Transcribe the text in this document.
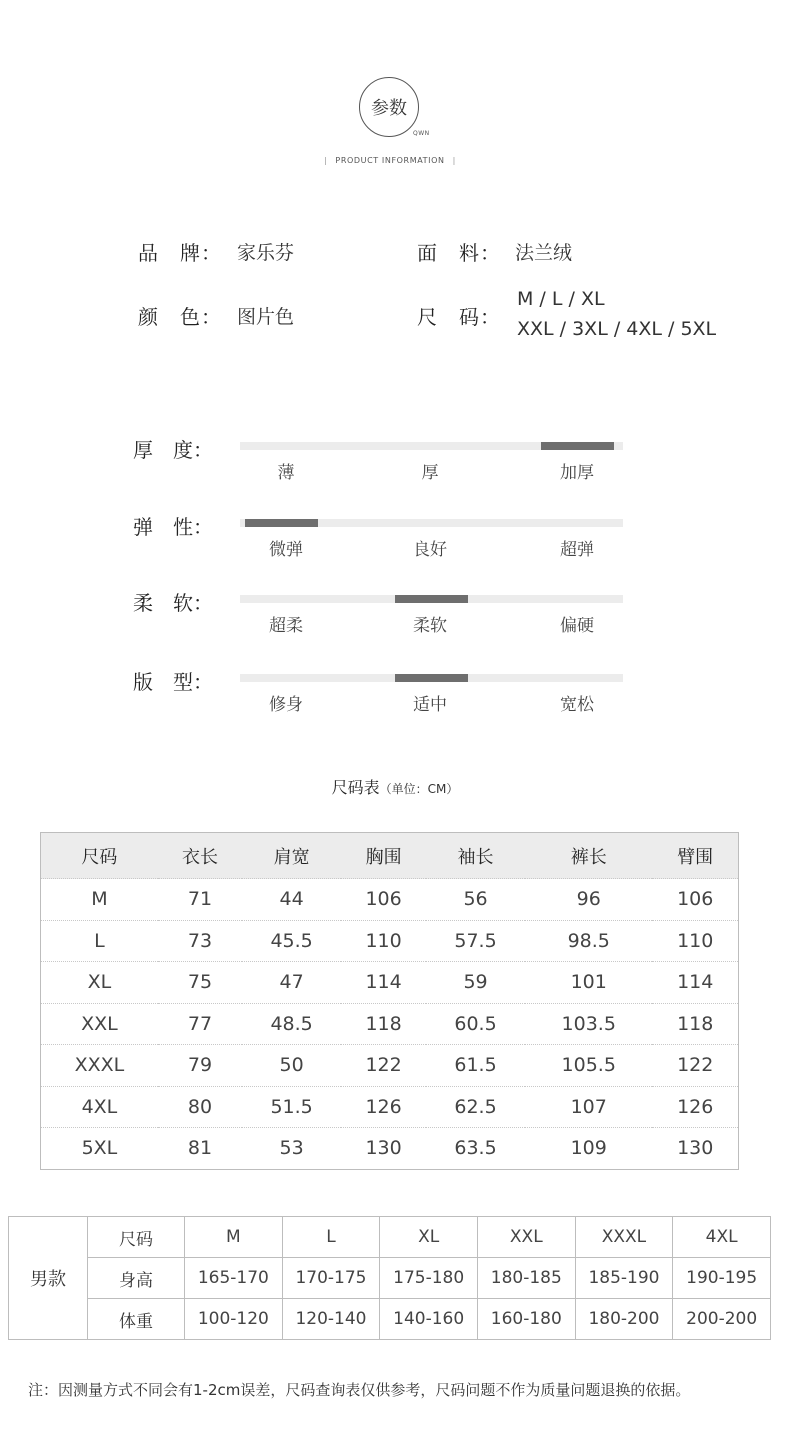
参数
QWN
| PRODUCT INFORMATION |
品　牌： 家乐芬	面　料： 法兰绒
颜　色： 图片色	尺　码：
M / L / XL
XXL / 3XL / 4XL / 5XL
厚　度：
薄	厚	加厚
弹　性：
微弹	良好	超弹
柔　软：
超柔	柔软	偏硬
版　型：
修身	适中	宽松
尺码表（单位：CM）
尺码	衣长	肩宽	胸围	袖长	裤长	臂围
M	71	44	106	56	96	106
L	73	45.5	110	57.5	98.5	110
XL	75	47	114	59	101	114
XXL	77	48.5	118	60.5	103.5	118
XXXL	79	50	122	61.5	105.5	122
4XL	80	51.5	126	62.5	107	126
5XL	81	53	130	63.5	109	130
男款	尺码	M	L	XL	XXL	XXXL	4XL
	身高	165-170	170-175	175-180	180-185	185-190	190-195
	体重	100-120	120-140	140-160	160-180	180-200	200-200
注：因测量方式不同会有1-2cm误差，尺码查询表仅供参考，尺码问题不作为质量问题退换的依据。
